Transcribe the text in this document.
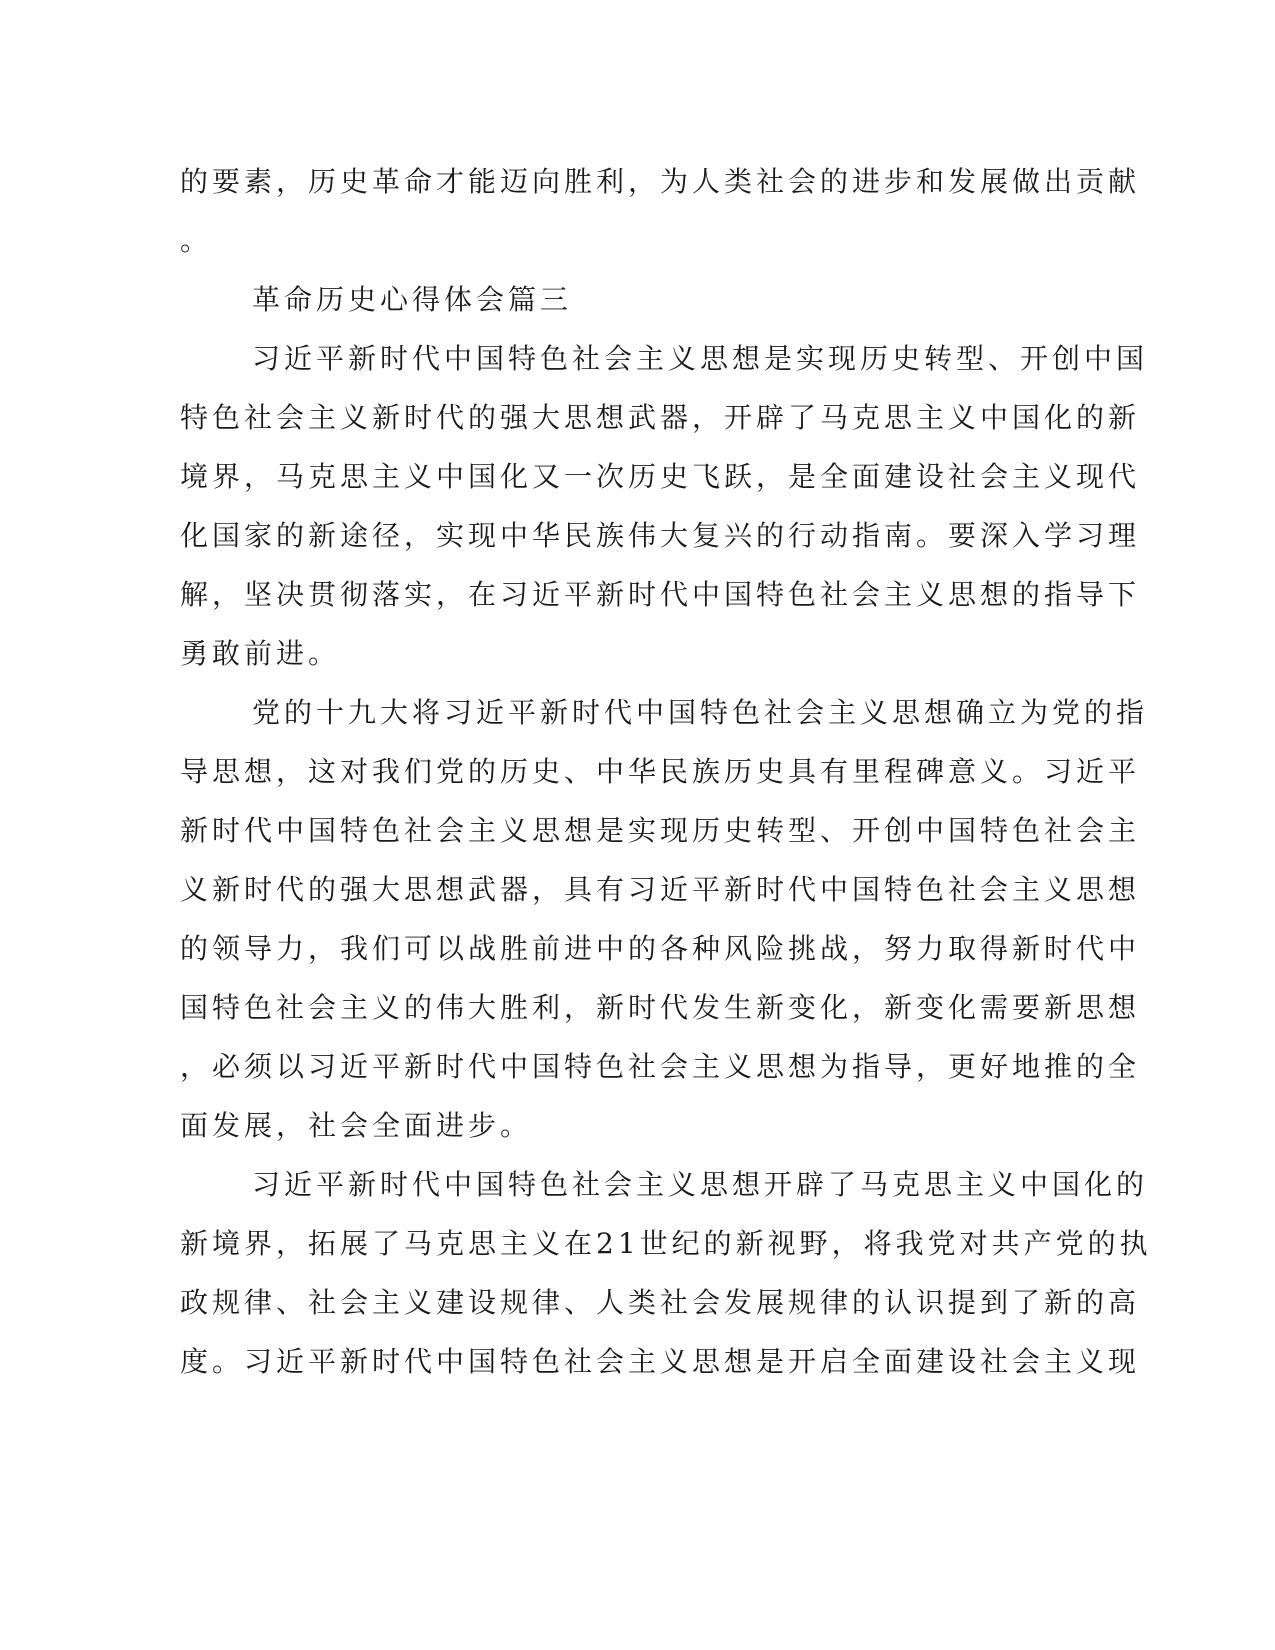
的要素，历史革命才能迈向胜利，为人类社会的进步和发展做出贡献
。
革命历史心得体会篇三
习近平新时代中国特色社会主义思想是实现历史转型、开创中国
特色社会主义新时代的强大思想武器，开辟了马克思主义中国化的新
境界，马克思主义中国化又一次历史飞跃，是全面建设社会主义现代
化国家的新途径，实现中华民族伟大复兴的行动指南。要深入学习理
解，坚决贯彻落实，在习近平新时代中国特色社会主义思想的指导下
勇敢前进。
党的十九大将习近平新时代中国特色社会主义思想确立为党的指
导思想，这对我们党的历史、中华民族历史具有里程碑意义。习近平
新时代中国特色社会主义思想是实现历史转型、开创中国特色社会主
义新时代的强大思想武器，具有习近平新时代中国特色社会主义思想
的领导力，我们可以战胜前进中的各种风险挑战，努力取得新时代中
国特色社会主义的伟大胜利，新时代发生新变化，新变化需要新思想
，必须以习近平新时代中国特色社会主义思想为指导，更好地推的全
面发展，社会全面进步。
习近平新时代中国特色社会主义思想开辟了马克思主义中国化的
新境界，拓展了马克思主义在21世纪的新视野，将我党对共产党的执
政规律、社会主义建设规律、人类社会发展规律的认识提到了新的高
度。习近平新时代中国特色社会主义思想是开启全面建设社会主义现
